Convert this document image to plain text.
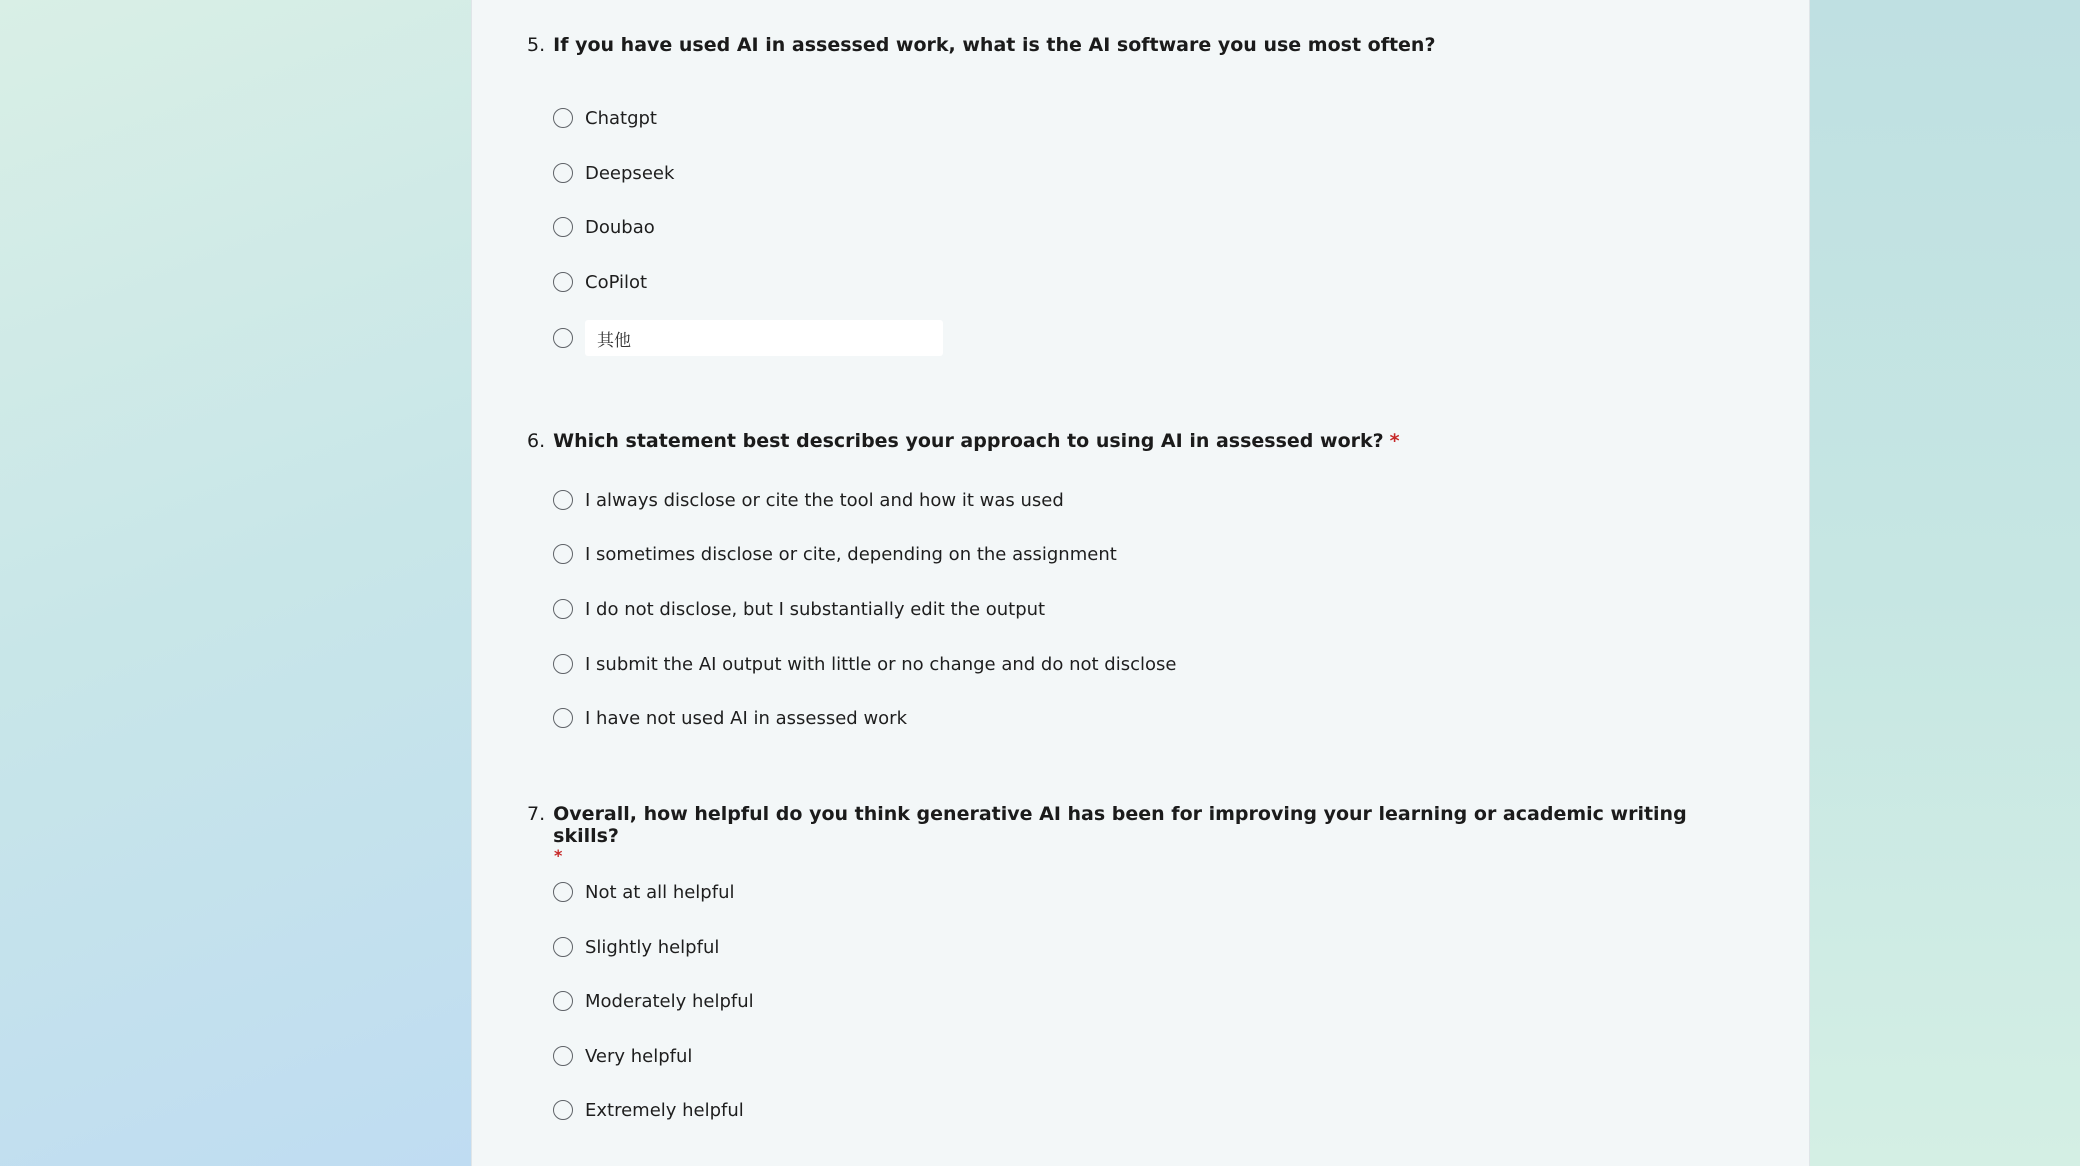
5. If you have used AI in assessed work, what is the AI software you use most often?
Chatgpt
Deepseek
Doubao
CoPilot
其他
6. Which statement best describes your approach to using AI in assessed work? *
I always disclose or cite the tool and how it was used
I sometimes disclose or cite, depending on the assignment
I do not disclose, but I substantially edit the output
I submit the AI output with little or no change and do not disclose
I have not used AI in assessed work
7. Overall, how helpful do you think generative AI has been for improving your learning or academic writing skills?
*
Not at all helpful
Slightly helpful
Moderately helpful
Very helpful
Extremely helpful
